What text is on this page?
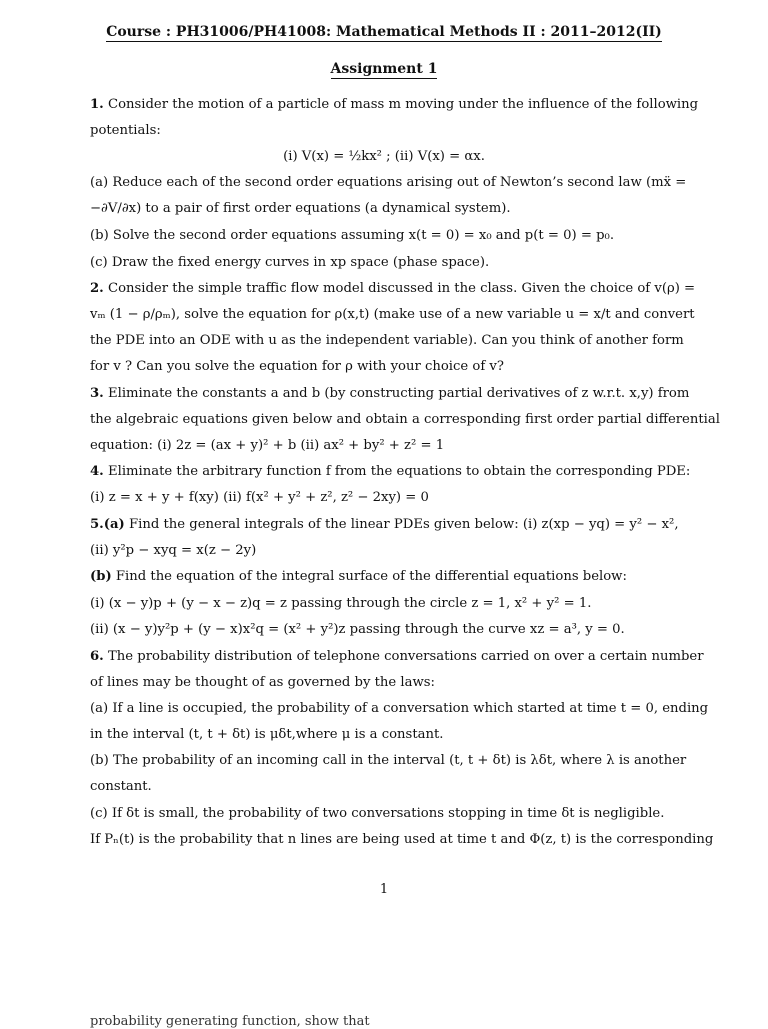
Course : PH31006/PH41008: Mathematical Methods II : 2011–2012(II)
Assignment 1
1. Consider the motion of a particle of mass m moving under the influence of the following
potentials:
(i) V(x) = ½kx² ; (ii) V(x) = αx.
(a) Reduce each of the second order equations arising out of Newton’s second law (mẍ =
−∂V/∂x) to a pair of first order equations (a dynamical system).
(b) Solve the second order equations assuming x(t = 0) = x₀ and p(t = 0) = p₀.
(c) Draw the fixed energy curves in xp space (phase space).
2. Consider the simple traffic flow model discussed in the class. Given the choice of v(ρ) =
vₘ (1 − ρ/ρₘ), solve the equation for ρ(x,t) (make use of a new variable u = x/t and convert
the PDE into an ODE with u as the independent variable). Can you think of another form
for v ? Can you solve the equation for ρ with your choice of v?
3. Eliminate the constants a and b (by constructing partial derivatives of z w.r.t. x,y) from
the algebraic equations given below and obtain a corresponding first order partial differential
equation: (i) 2z = (ax + y)² + b (ii) ax² + by² + z² = 1
4. Eliminate the arbitrary function f from the equations to obtain the corresponding PDE:
(i) z = x + y + f(xy) (ii) f(x² + y² + z², z² − 2xy) = 0
5.(a) Find the general integrals of the linear PDEs given below: (i) z(xp − yq) = y² − x²,
(ii) y²p − xyq = x(z − 2y)
(b) Find the equation of the integral surface of the differential equations below:
(i) (x − y)p + (y − x − z)q = z passing through the circle z = 1, x² + y² = 1.
(ii) (x − y)y²p + (y − x)x²q = (x² + y²)z passing through the curve xz = a³, y = 0.
6. The probability distribution of telephone conversations carried on over a certain number
of lines may be thought of as governed by the laws:
(a) If a line is occupied, the probability of a conversation which started at time t = 0, ending
in the interval (t, t + δt) is μδt,where μ is a constant.
(b) The probability of an incoming call in the interval (t, t + δt) is λδt, where λ is another
constant.
(c) If δt is small, the probability of two conversations stopping in time δt is negligible.
If Pₙ(t) is the probability that n lines are being used at time t and Φ(z, t) is the corresponding
1
probability generating function, show that
